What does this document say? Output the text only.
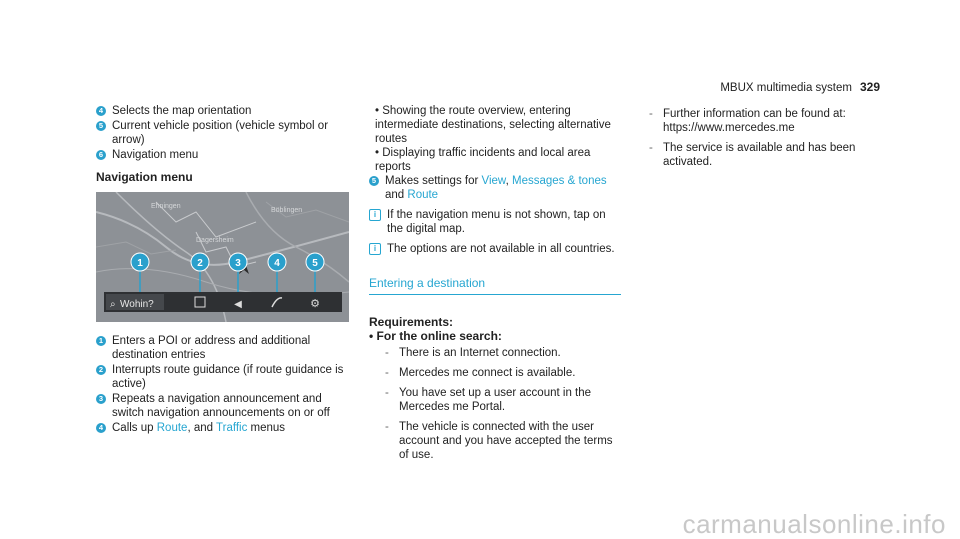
MBUX multimedia system 329
4 Selects the map orientation
5 Current vehicle position (vehicle symbol or arrow)
6 Navigation menu
Navigation menu
1	2	3	4	5
Wohin?
⌕	◀	⚙
Ehningen
Dagersheim
Böblingen
1 Enters a POI or address and additional destination entries
2 Interrupts route guidance (if route guidance is active)
3 Repeats a navigation announcement and switch navigation announcements on or off
4 Calls up Route, and Traffic menus
• Showing the route overview, entering intermediate destinations, selecting alternative routes
• Displaying traffic incidents and local area reports
5 Makes settings for View, Messages & tones and Route
i If the navigation menu is not shown, tap on the digital map.
i The options are not available in all countries.
Entering a destination
Requirements:
• For the online search:
- There is an Internet connection.
- Mercedes me connect is available.
- You have set up a user account in the Mercedes me Portal.
- The vehicle is connected with the user account and you have accepted the terms of use.
- Further information can be found at: https://www.mercedes.me
- The service is available and has been activated.
carmanualsonline.info
